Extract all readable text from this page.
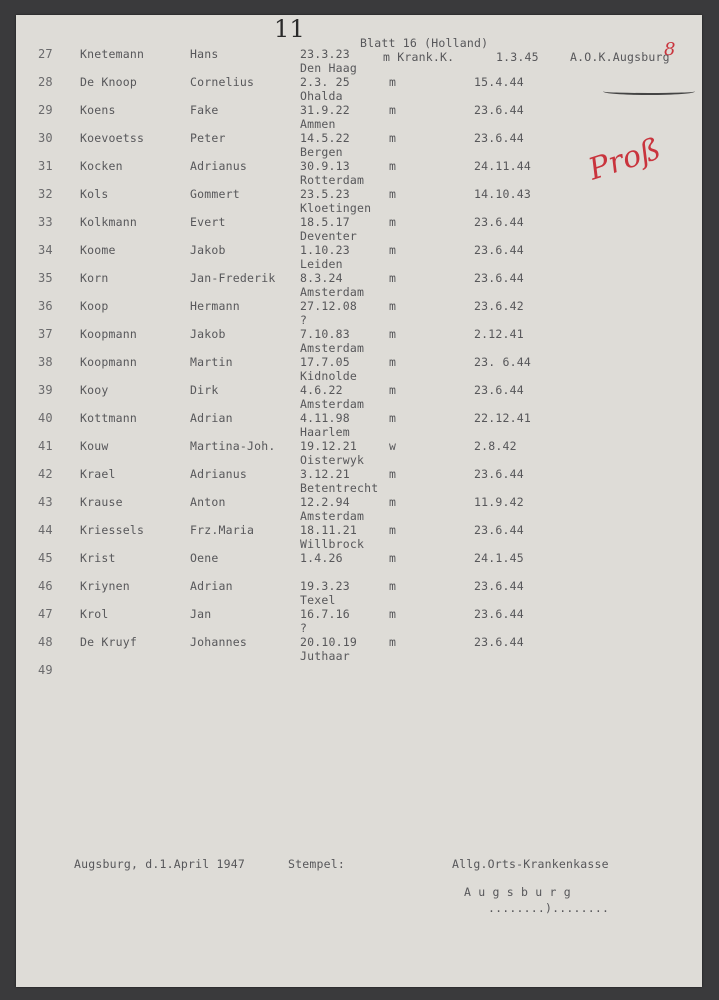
11	Blatt 16 (Holland)
m Krank.K.	1.3.45	A.O.K.Augsburg
8
Proß
27 Knetemann	Hans	23.3.23
Den Haag
28 De Knoop	Cornelius	2.3. 25	m	15.4.44
Ohalda
29 Koens	Fake	31.9.22	m	23.6.44
Ammen
30 Koevoetss	Peter	14.5.22	m	23.6.44
Bergen
31 Kocken	Adrianus	30.9.13	m	24.11.44
Rotterdam
32 Kols	Gommert	23.5.23	m	14.10.43
Kloetingen
33 Kolkmann	Evert	18.5.17	m	23.6.44
Deventer
34 Koome	Jakob	1.10.23	m	23.6.44
Leiden
35 Korn	Jan-Frederik 8.3.24	m	23.6.44
Amsterdam
36 Koop	Hermann	27.12.08	m	23.6.42
?
37 Koopmann	Jakob	7.10.83	m	2.12.41
Amsterdam
38 Koopmann	Martin	17.7.05	m	23. 6.44
Kidnolde
39 Kooy	Dirk	4.6.22	m	23.6.44
Amsterdam
40 Kottmann	Adrian	4.11.98	m	22.12.41
Haarlem
41 Kouw	Martina-Joh. 19.12.21	w	2.8.42
Oisterwyk
42 Krael	Adrianus	3.12.21	m	23.6.44
Betentrecht
43 Krause	Anton	12.2.94	m	11.9.42
Amsterdam
44 Kriessels	Frz.Maria	18.11.21	m	23.6.44
Willbrock
45 Krist	Oene	1.4.26	m	24.1.45
46 Kriynen	Adrian	19.3.23	m	23.6.44
Texel
47 Krol	Jan	16.7.16	m	23.6.44
?
48 De Kruyf	Johannes	20.10.19	m	23.6.44
Juthaar
49
Augsburg, d.1.April 1947	Stempel:	Allg.Orts-Krankenkasse
A u g s b u r g
........)........
